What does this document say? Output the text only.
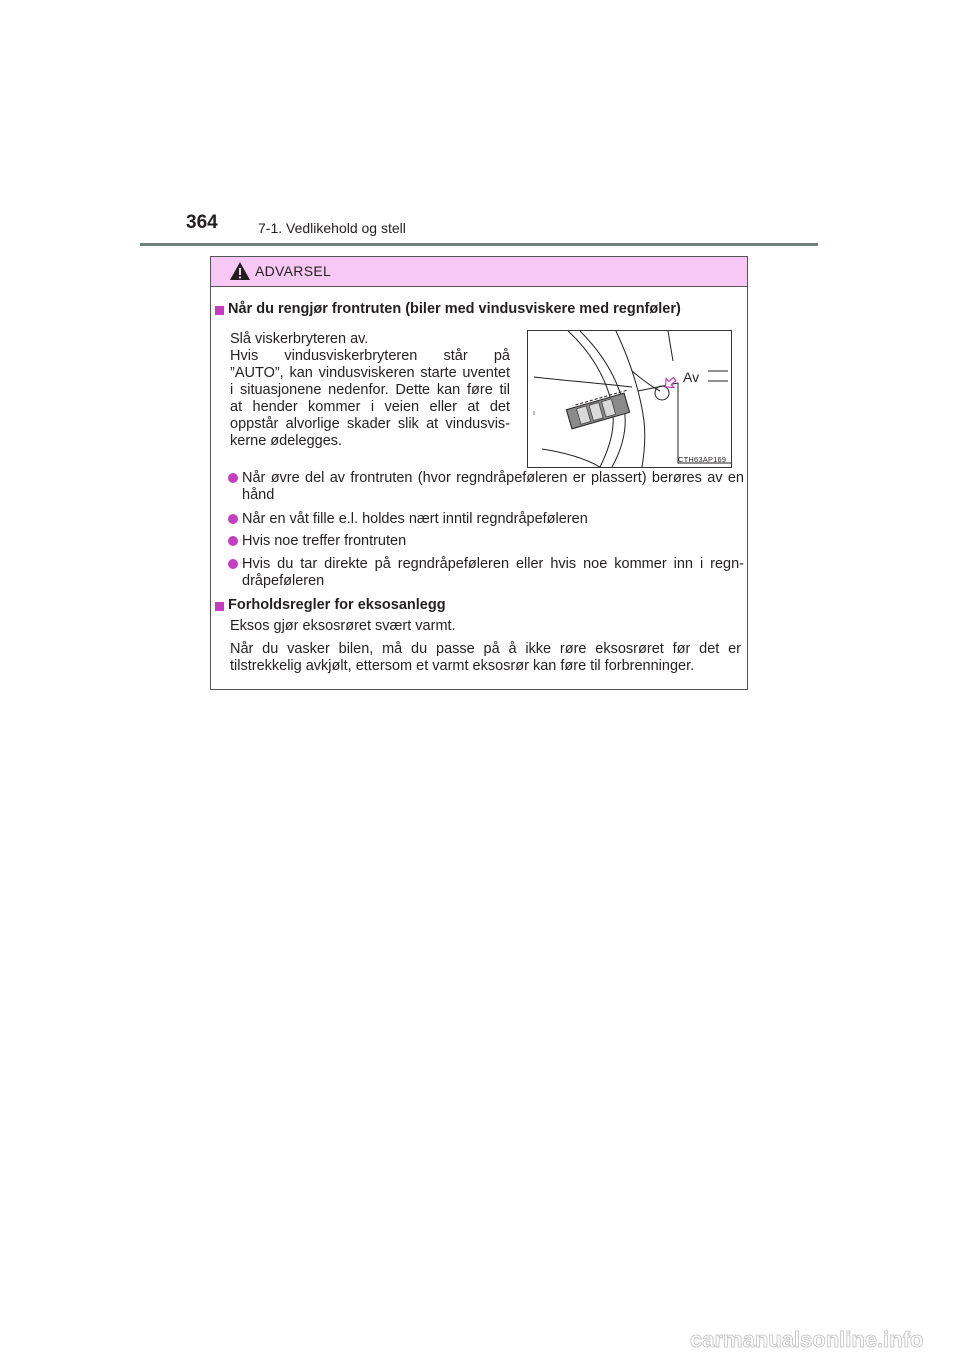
364	7-1. Vedlikehold og stell
ADVARSEL
Når du rengjør frontruten (biler med vindusviskere med regnføler)
Slå viskerbryteren av.
Hvis vindusviskerbryteren står på
”AUTO”, kan vindusviskeren starte uventet
i situasjonene nedenfor. Dette kan føre til
at hender kommer i veien eller at det
oppstår alvorlige skader slik at vindusvis-
kerne ødelegges.
Av
CTH63AP169
Når øvre del av frontruten (hvor regndråpeføleren er plassert) berøres av en hånd
Når en våt fille e.l. holdes nært inntil regndråpeføleren
Hvis noe treffer frontruten
Hvis du tar direkte på regndråpeføleren eller hvis noe kommer inn i regn-dråpeføleren
Forholdsregler for eksosanlegg
Eksos gjør eksosrøret svært varmt.
Når du vasker bilen, må du passe på å ikke røre eksosrøret før det er tilstrekkelig avkjølt, ettersom et varmt eksosrør kan føre til forbrenninger.
carmanualsonline.info
